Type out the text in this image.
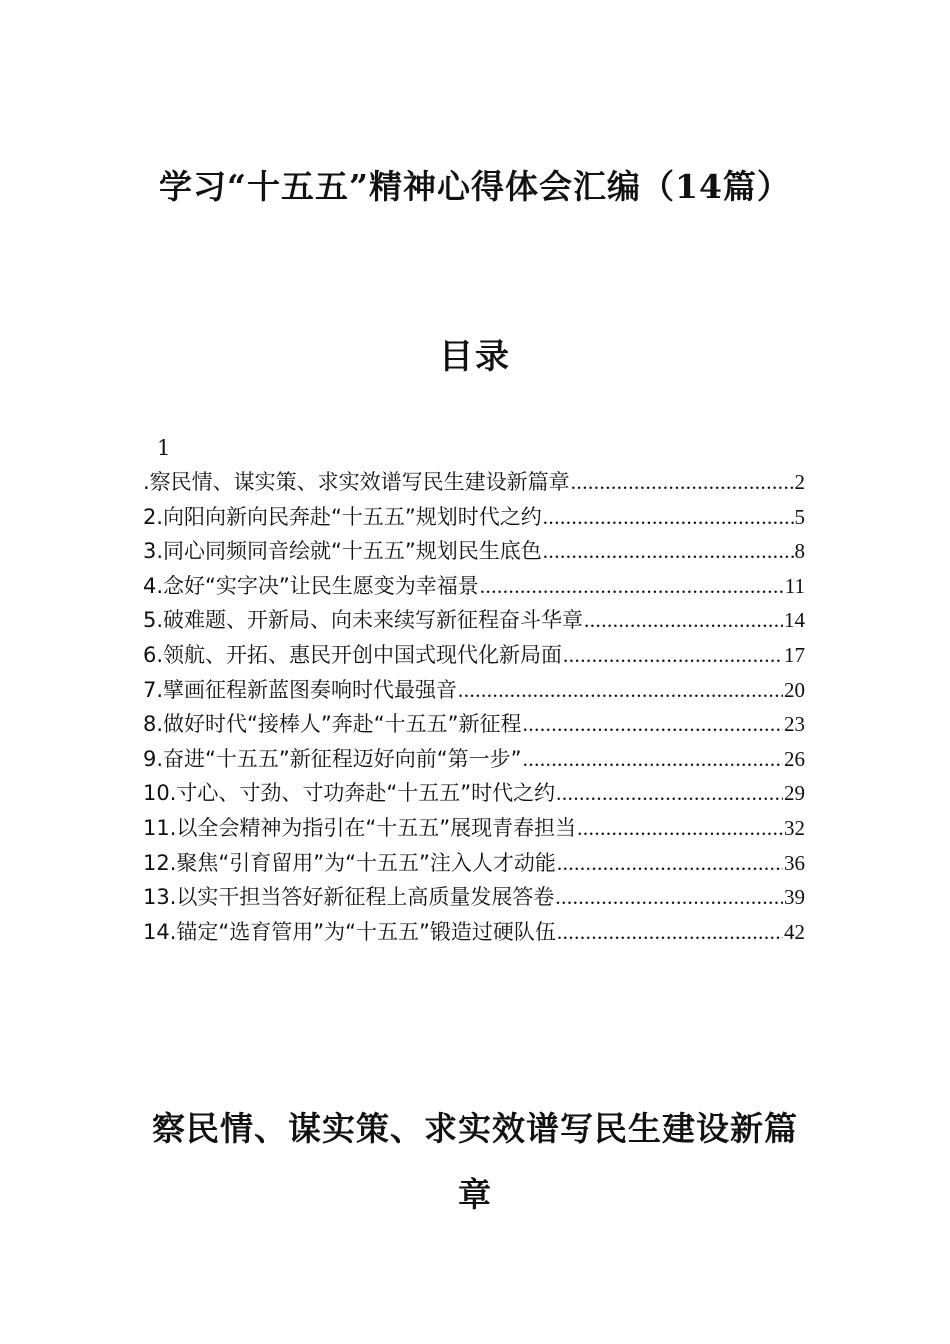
学习“十五五”精神心得体会汇编（14篇）
目录
1
.察民情、谋实策、求实效谱写民生建设新篇章 .....	2
2.向阳向新向民奔赴“十五五”规划时代之约 .....	5
3.同心同频同音绘就“十五五”规划民生底色 .....	8
4.念好“实字决”让民生愿变为幸福景 .....	11
5.破难题、开新局、向未来续写新征程奋斗华章 .....	14
6.领航、开拓、惠民开创中国式现代化新局面 .....	17
7.擘画征程新蓝图奏响时代最强音 .....	20
8.做好时代“接棒人”奔赴“十五五”新征程 .....	23
9.奋进“十五五”新征程迈好向前“第一步” .....	26
10.寸心、寸劲、寸功奔赴“十五五”时代之约 .....	29
11.以全会精神为指引在“十五五”展现青春担当 .....	32
12.聚焦“引育留用”为“十五五”注入人才动能 .....	36
13.以实干担当答好新征程上高质量发展答卷 .....	39
14.锚定“选育管用”为“十五五”锻造过硬队伍 .....	42
察民情、谋实策、求实效谱写民生建设新篇章
